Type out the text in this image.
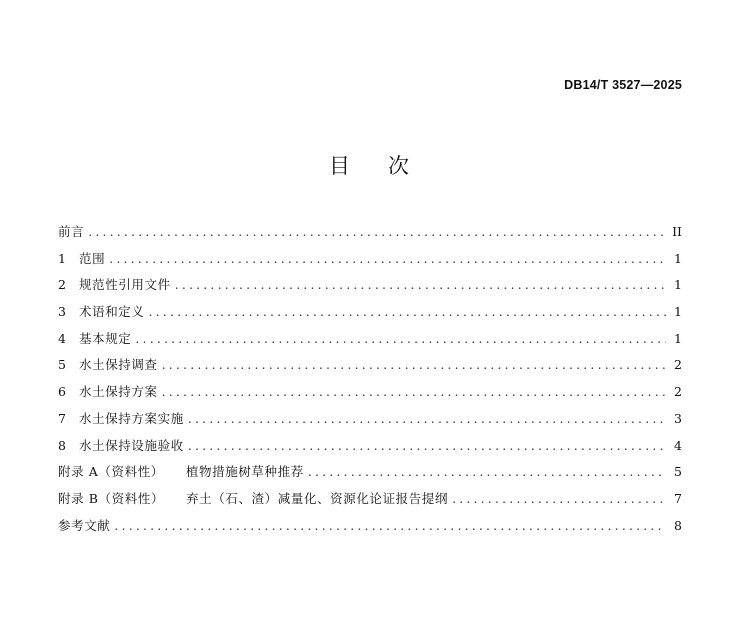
DB14/T 3527—2025
目次
前言 . . .	II
1	范围 . . .	1
2	规范性引用文件 . . .	1
3	术语和定义 . . .	1
4	基本规定 . . .	1
5	水土保持调查 . . .	2
6	水土保持方案 . . .	2
7	水土保持方案实施 . . .	3
8	水土保持设施验收 . . .	4
附录 A（资料性） 植物措施树草种推荐 . . .	5
附录 B（资料性） 弃土（石、渣）减量化、资源化论证报告提纲 . . .	7
参考文献 . . .	8
